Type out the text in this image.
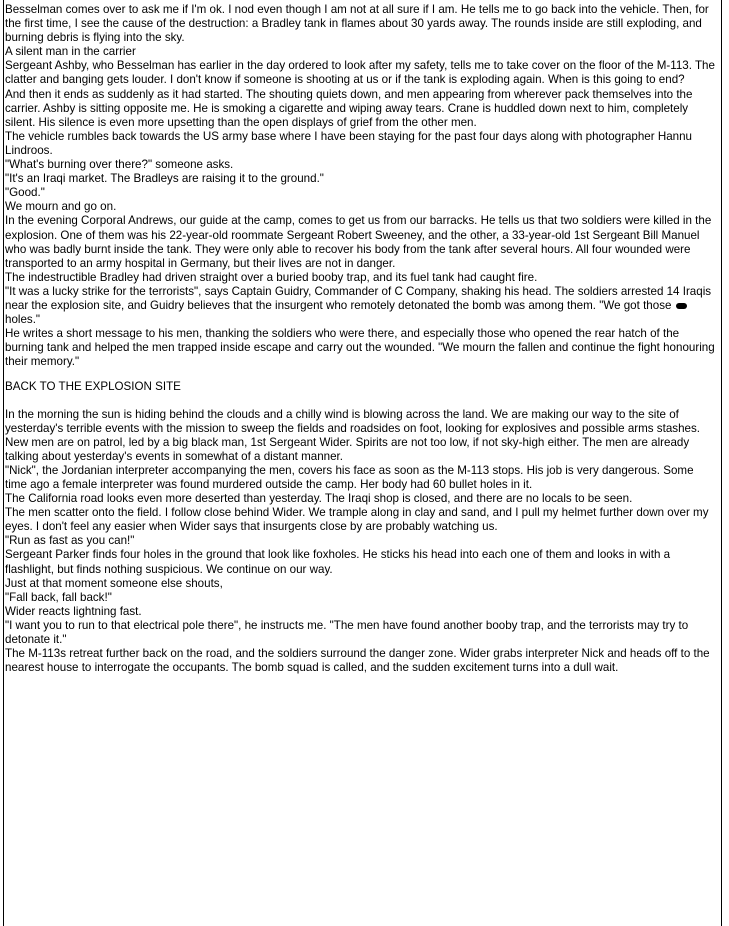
Besselman comes over to ask me if I'm ok. I nod even though I am not at all sure if I am. He tells me to go back into the vehicle. Then, for the first time, I see the cause of the destruction: a Bradley tank in flames about 30 yards away. The rounds inside are still exploding, and burning debris is flying into the sky.

A silent man in the carrier

Sergeant Ashby, who Besselman has earlier in the day ordered to look after my safety, tells me to take cover on the floor of the M-113. The clatter and banging gets louder. I don't know if someone is shooting at us or if the tank is exploding again. When is this going to end?

And then it ends as suddenly as it had started. The shouting quiets down, and men appearing from wherever pack themselves into the carrier. Ashby is sitting opposite me. He is smoking a cigarette and wiping away tears. Crane is huddled down next to him, completely silent. His silence is even more upsetting than the open displays of grief from the other men.

The vehicle rumbles back towards the US army base where I have been staying for the past four days along with photographer Hannu Lindroos.

"What's burning over there?" someone asks.

"It's an Iraqi market. The Bradleys are raising it to the ground."

"Good."

We mourn and go on.

In the evening Corporal Andrews, our guide at the camp, comes to get us from our barracks. He tells us that two soldiers were killed in the explosion. One of them was his 22-year-old roommate Sergeant Robert Sweeney, and the other, a 33-year-old 1st Sergeant Bill Manuel who was badly burnt inside the tank. They were only able to recover his body from the tank after several hours. All four wounded were transported to an army hospital in Germany, but their lives are not in danger.

The indestructible Bradley had driven straight over a buried booby trap, and its fuel tank had caught fire.

"It was a lucky strike for the terrorists", says Captain Guidry, Commander of C Company, shaking his head. The soldiers arrested 14 Iraqis near the explosion site, and Guidry believes that the insurgent who remotely detonated the bomb was among them. "We got those holes."

He writes a short message to his men, thanking the soldiers who were there, and especially those who opened the rear hatch of the burning tank and helped the men trapped inside escape and carry out the wounded. "We mourn the fallen and continue the fight honouring their memory."

BACK TO THE EXPLOSION SITE

In the morning the sun is hiding behind the clouds and a chilly wind is blowing across the land. We are making our way to the site of yesterday's terrible events with the mission to sweep the fields and roadsides on foot, looking for explosives and possible arms stashes. New men are on patrol, led by a big black man, 1st Sergeant Wider. Spirits are not too low, if not sky-high either. The men are already talking about yesterday's events in somewhat of a distant manner.

"Nick", the Jordanian interpreter accompanying the men, covers his face as soon as the M-113 stops. His job is very dangerous. Some time ago a female interpreter was found murdered outside the camp. Her body had 60 bullet holes in it.

The California road looks even more deserted than yesterday. The Iraqi shop is closed, and there are no locals to be seen.

The men scatter onto the field. I follow close behind Wider. We trample along in clay and sand, and I pull my helmet further down over my eyes. I don't feel any easier when Wider says that insurgents close by are probably watching us.

"Run as fast as you can!"

Sergeant Parker finds four holes in the ground that look like foxholes. He sticks his head into each one of them and looks in with a flashlight, but finds nothing suspicious. We continue on our way.

Just at that moment someone else shouts,

"Fall back, fall back!"

Wider reacts lightning fast.

"I want you to run to that electrical pole there", he instructs me. "The men have found another booby trap, and the terrorists may try to detonate it."

The M-113s retreat further back on the road, and the soldiers surround the danger zone. Wider grabs interpreter Nick and heads off to the nearest house to interrogate the occupants. The bomb squad is called, and the sudden excitement turns into a dull wait.
